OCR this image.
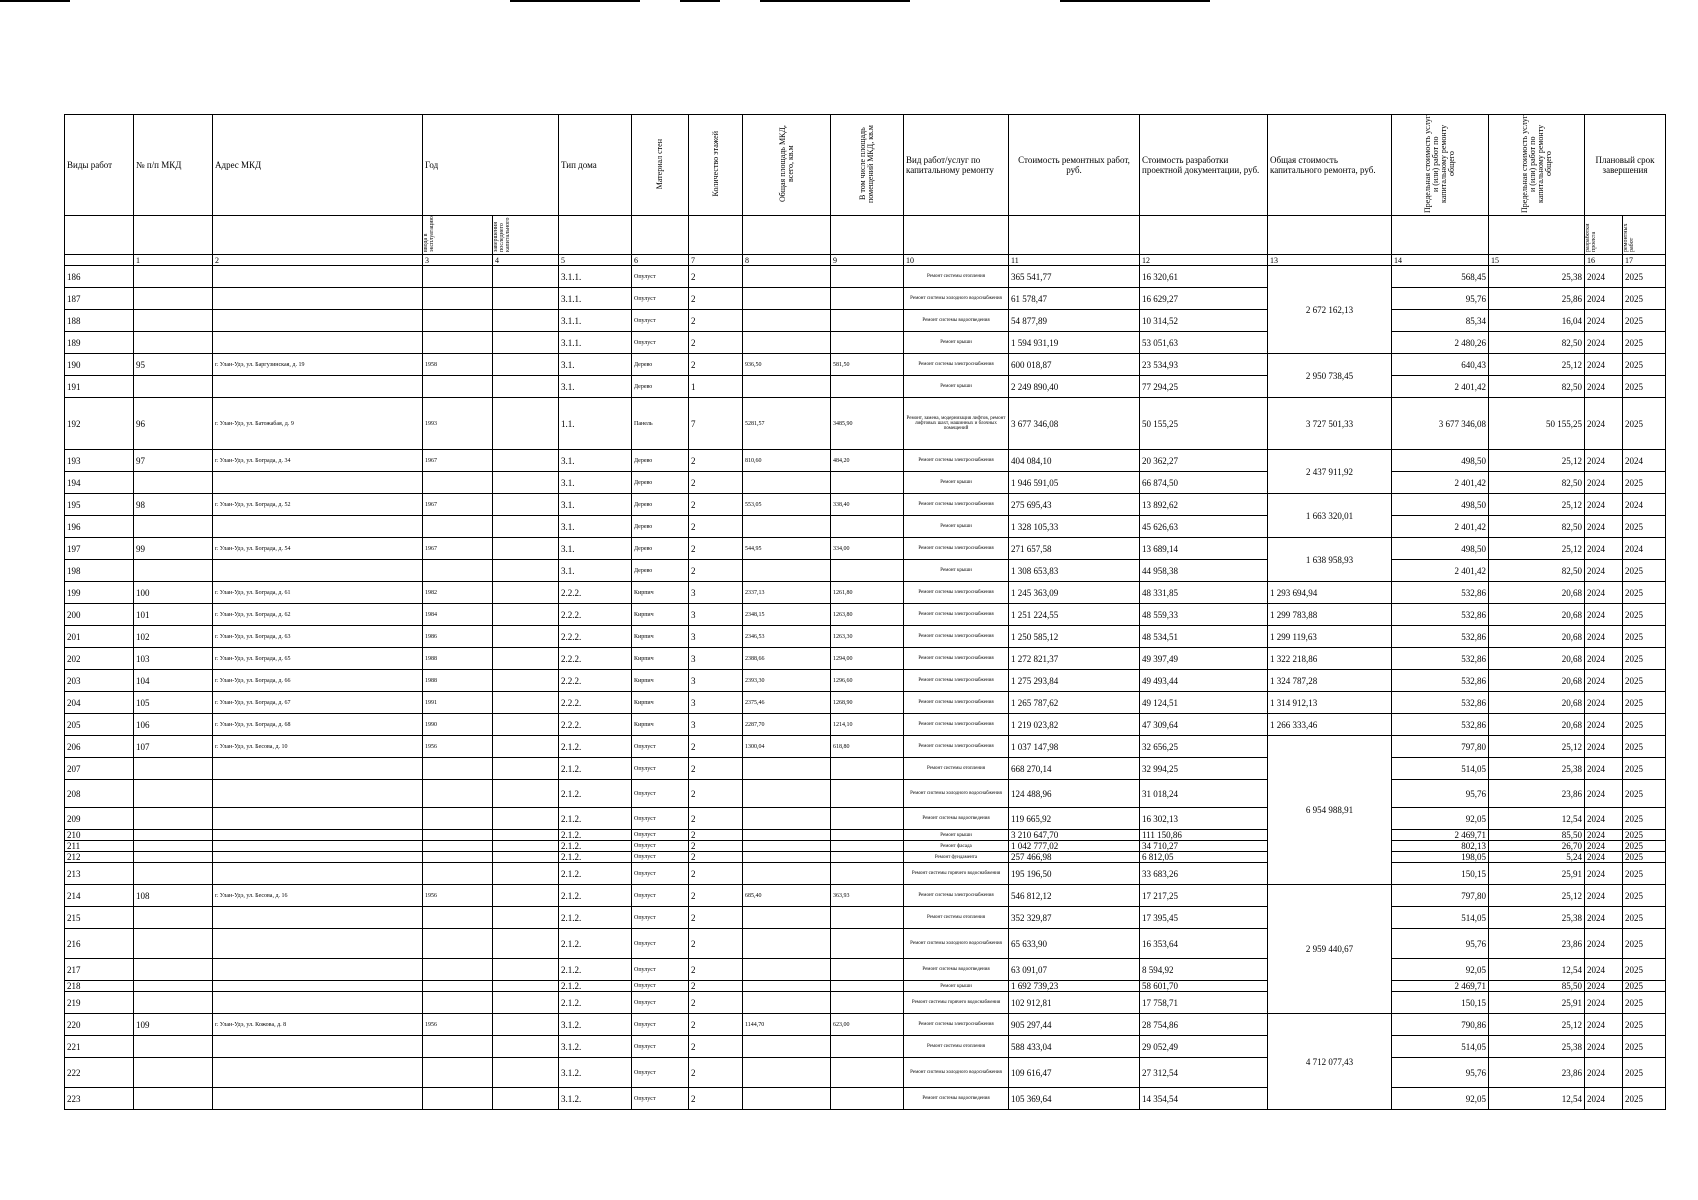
Виды работ	№ п/п МКД	Адрес МКД	Год		Тип дома	Материал стен	Количество этажей	Общая площадь МКД, всего, кв.м	В том числе площадь помещений МКД, кв.м	Вид работ/услуг по капитальному ремонту	Стоимость ремонтных работ, руб.	Стоимость разработки проектной документации, руб.	Общая стоимость капитального ремонта, руб.	Предельная стоимость услуг и (или) работ по капитальному ремонту общего	Предельная стоимость услуг и (или) работ по капитальному ремонту общего	Плановый срок завершения	
			ввода в эксплуатацию	завершения последнего капитального												разработки проекта	ремонтных работ
	1	2	3	4	5	6	7	8	9	10	11	12	13	14	15	16	17
186					3.1.1.	Опулуст	2			Ремонт системы отопления	365 541,77	16 320,61	2 672 162,13	568,45	25,38	2024	2025
187					3.1.1.	Опулуст	2			Ремонт системы холодного водоснабжения	61 578,47	16 629,27		95,76	25,86	2024	2025
188					3.1.1.	Опулуст	2			Ремонт системы водоотведения	54 877,89	10 314,52		85,34	16,04	2024	2025
189					3.1.1.	Опулуст	2			Ремонт крыши	1 594 931,19	53 051,63		2 480,26	82,50	2024	2025
190	95	г. Улан-Удэ, ул. Баргузинская, д. 19	1958		3.1.	Дерево	2	936,50	581,50	Ремонт системы электроснабжения	600 018,87	23 534,93	2 950 738,45	640,43	25,12	2024	2025
191					3.1.	Дерево	1			Ремонт крыши	2 249 890,40	77 294,25		2 401,42	82,50	2024	2025
192	96	г. Улан-Удэ, ул. Батожабая, д. 9	1993		1.1.	Панель	7	5281,57	3485,90	Ремонт, замена, модернизация лифтов, ремонт лифтовых шахт, машинных и блочных помещений	3 677 346,08	50 155,25	3 727 501,33	3 677 346,08	50 155,25	2024	2025
193	97	г. Улан-Удэ, ул. Бограда, д. 34	1967		3.1.	Дерево	2	810,60	484,20	Ремонт системы электроснабжения	404 084,10	20 362,27	2 437 911,92	498,50	25,12	2024	2024
194					3.1.	Дерево	2			Ремонт крыши	1 946 591,05	66 874,50		2 401,42	82,50	2024	2025
195	98	г. Улан-Удэ, ул. Бограда, д. 52	1967		3.1.	Дерево	2	553,05	338,40	Ремонт системы электроснабжения	275 695,43	13 892,62	1 663 320,01	498,50	25,12	2024	2024
196					3.1.	Дерево	2			Ремонт крыши	1 328 105,33	45 626,63		2 401,42	82,50	2024	2025
197	99	г. Улан-Удэ, ул. Бограда, д. 54	1967		3.1.	Дерево	2	544,95	334,00	Ремонт системы электроснабжения	271 657,58	13 689,14	1 638 958,93	498,50	25,12	2024	2024
198					3.1.	Дерево	2			Ремонт крыши	1 308 653,83	44 958,38		2 401,42	82,50	2024	2025
199	100	г. Улан-Удэ, ул. Бограда, д. 61	1982		2.2.2.	Кирпич	3	2337,13	1261,80	Ремонт системы электроснабжения	1 245 363,09	48 331,85	1 293 694,94	532,86	20,68	2024	2025
200	101	г. Улан-Удэ, ул. Бограда, д. 62	1984		2.2.2.	Кирпич	3	2348,15	1263,80	Ремонт системы электроснабжения	1 251 224,55	48 559,33	1 299 783,88	532,86	20,68	2024	2025
201	102	г. Улан-Удэ, ул. Бограда, д. 63	1986		2.2.2.	Кирпич	3	2346,53	1263,30	Ремонт системы электроснабжения	1 250 585,12	48 534,51	1 299 119,63	532,86	20,68	2024	2025
202	103	г. Улан-Удэ, ул. Бограда, д. 65	1988		2.2.2.	Кирпич	3	2388,66	1294,00	Ремонт системы электроснабжения	1 272 821,37	49 397,49	1 322 218,86	532,86	20,68	2024	2025
203	104	г. Улан-Удэ, ул. Бограда, д. 66	1988		2.2.2.	Кирпич	3	2393,30	1296,60	Ремонт системы электроснабжения	1 275 293,84	49 493,44	1 324 787,28	532,86	20,68	2024	2025
204	105	г. Улан-Удэ, ул. Бограда, д. 67	1991		2.2.2.	Кирпич	3	2375,46	1268,90	Ремонт системы электроснабжения	1 265 787,62	49 124,51	1 314 912,13	532,86	20,68	2024	2025
205	106	г. Улан-Удэ, ул. Бограда, д. 68	1990		2.2.2.	Кирпич	3	2287,70	1214,10	Ремонт системы электроснабжения	1 219 023,82	47 309,64	1 266 333,46	532,86	20,68	2024	2025
206	107	г. Улан-Удэ, ул. Бесова, д. 10	1956		2.1.2.	Опулуст	2	1300,04	618,80	Ремонт системы электроснабжения	1 037 147,98	32 656,25	6 954 988,91	797,80	25,12	2024	2025
207					2.1.2.	Опулуст	2			Ремонт системы отопления	668 270,14	32 994,25		514,05	25,38	2024	2025
208					2.1.2.	Опулуст	2			Ремонт системы холодного водоснабжения	124 488,96	31 018,24		95,76	23,86	2024	2025
209					2.1.2.	Опулуст	2			Ремонт системы водоотведения	119 665,92	16 302,13		92,05	12,54	2024	2025
210					2.1.2.	Опулуст	2			Ремонт крыши	3 210 647,70	111 150,86		2 469,71	85,50	2024	2025
211					2.1.2.	Опулуст	2			Ремонт фасада	1 042 777,02	34 710,27		802,13	26,70	2024	2025
212					2.1.2.	Опулуст	2			Ремонт фундамента	257 466,98	6 812,05		198,05	5,24	2024	2025
213					2.1.2.	Опулуст	2			Ремонт системы горячего водоснабжения	195 196,50	33 683,26		150,15	25,91	2024	2025
214	108	г. Улан-Удэ, ул. Бесова, д. 16	1956		2.1.2.	Опулуст	2	685,40	363,93	Ремонт системы электроснабжения	546 812,12	17 217,25	2 959 440,67	797,80	25,12	2024	2025
215					2.1.2.	Опулуст	2			Ремонт системы отопления	352 329,87	17 395,45		514,05	25,38	2024	2025
216					2.1.2.	Опулуст	2			Ремонт системы холодного водоснабжения	65 633,90	16 353,64		95,76	23,86	2024	2025
217					2.1.2.	Опулуст	2			Ремонт системы водоотведения	63 091,07	8 594,92		92,05	12,54	2024	2025
218					2.1.2.	Опулуст	2			Ремонт крыши	1 692 739,23	58 601,70		2 469,71	85,50	2024	2025
219					2.1.2.	Опулуст	2			Ремонт системы горячего водоснабжения	102 912,81	17 758,71		150,15	25,91	2024	2025
220	109	г. Улан-Удэ, ул. Кожова, д. 8	1956		3.1.2.	Опулуст	2	1144,70	623,00	Ремонт системы электроснабжения	905 297,44	28 754,86	4 712 077,43	790,86	25,12	2024	2025
221					3.1.2.	Опулуст	2			Ремонт системы отопления	588 433,04	29 052,49		514,05	25,38	2024	2025
222					3.1.2.	Опулуст	2			Ремонт системы холодного водоснабжения	109 616,47	27 312,54		95,76	23,86	2024	2025
223					3.1.2.	Опулуст	2			Ремонт системы водоотведения	105 369,64	14 354,54		92,05	12,54	2024	2025
